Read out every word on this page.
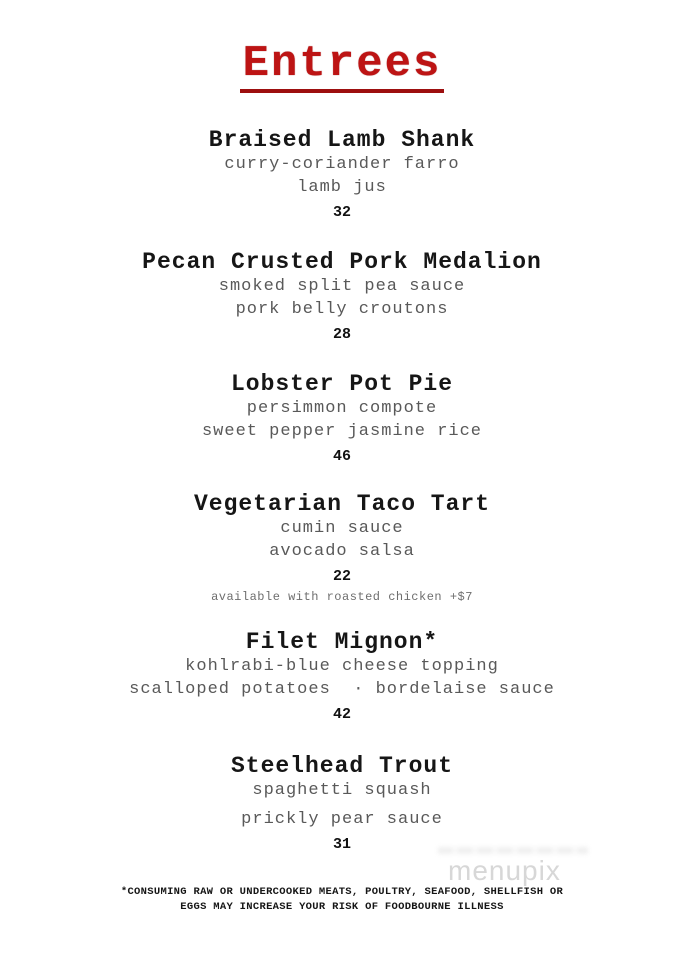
Entrees
Braised Lamb Shank
curry-coriander farro
lamb jus
32
Pecan Crusted Pork Medalion
smoked split pea sauce
pork belly croutons
28
Lobster Pot Pie
persimmon compote
sweet pepper jasmine rice
46
Vegetarian Taco Tart
cumin sauce
avocado salsa
22
available with roasted chicken +$7
Filet Mignon*
kohlrabi-blue cheese topping
scalloped potatoes  · bordelaise sauce
42
Steelhead Trout
spaghetti squash
prickly pear sauce
31
*CONSUMING RAW OR UNDERCOOKED MEATS, POULTRY, SEAFOOD, SHELLFISH OR
EGGS MAY INCREASE YOUR RISK OF FOODBOURNE ILLNESS
menupix
